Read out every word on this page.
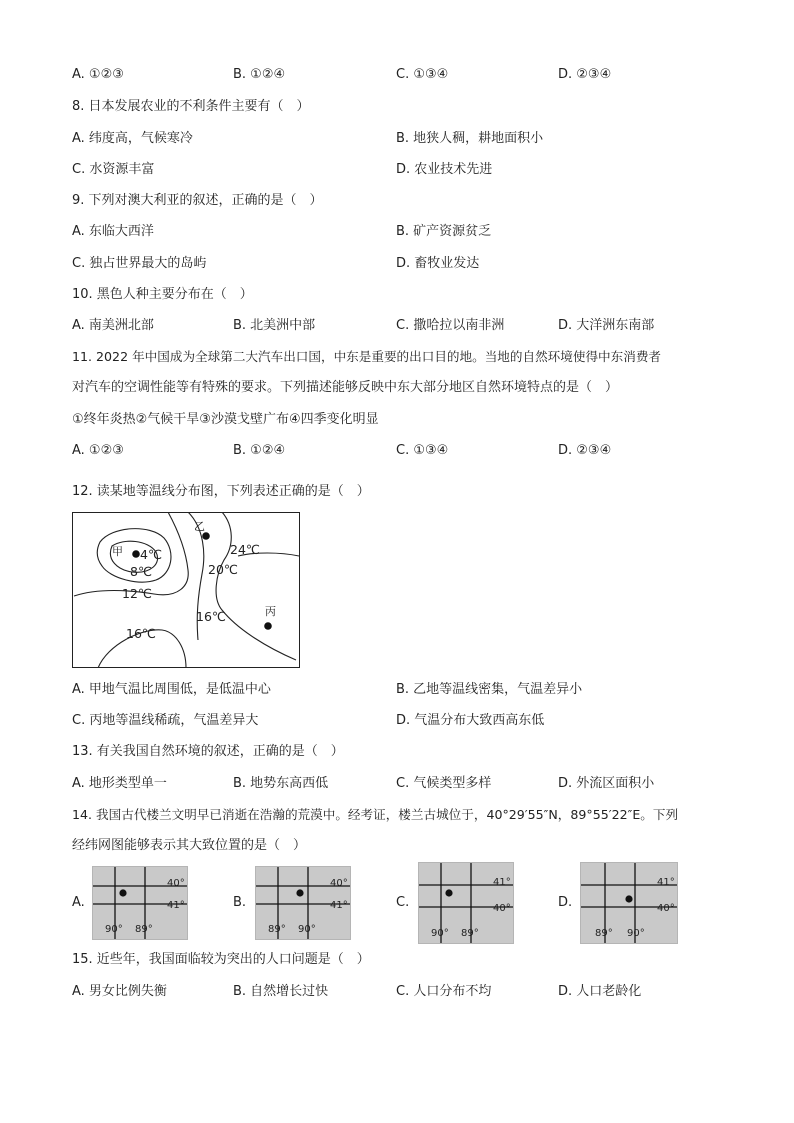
A. ①②③	B. ①②④	C. ①③④	D. ②③④
8. 日本发展农业的不利条件主要有（　）
A. 纬度高，气候寒冷	B. 地狭人稠，耕地面积小
C. 水资源丰富	D. 农业技术先进
9. 下列对澳大利亚的叙述，正确的是（　）
A. 东临大西洋	B. 矿产资源贫乏
C. 独占世界最大的岛屿	D. 畜牧业发达
10. 黑色人种主要分布在（　）
A. 南美洲北部	B. 北美洲中部	C. 撒哈拉以南非洲	D. 大洋洲东南部
11. 2022 年中国成为全球第二大汽车出口国，中东是重要的出口目的地。当地的自然环境使得中东消费者
对汽车的空调性能等有特殊的要求。下列描述能够反映中东大部分地区自然环境特点的是（　）
①终年炎热②气候干旱③沙漠戈壁广布④四季变化明显
A. ①②③	B. ①②④	C. ①③④	D. ②③④
12. 读某地等温线分布图，下列表述正确的是（　）
甲
乙
丙
4℃
8℃
12℃
16℃
16℃
20℃
24℃
A. 甲地气温比周围低，是低温中心	B. 乙地等温线密集，气温差异小
C. 丙地等温线稀疏，气温差异大	D. 气温分布大致西高东低
13. 有关我国自然环境的叙述，正确的是（　）
A. 地形类型单一	B. 地势东高西低	C. 气候类型多样	D. 外流区面积小
14. 我国古代楼兰文明早已消逝在浩瀚的荒漠中。经考证，楼兰古城位于，40°29′55″N，89°55′22″E。下列
经纬网图能够表示其大致位置的是（　）
A.
40°
41°
90° 89°
B.
40°
41°
89° 90°
C.
41°
40°
90° 89°
D.
41°
40°
89° 90°
15. 近些年，我国面临较为突出的人口问题是（　）
A. 男女比例失衡	B. 自然增长过快	C. 人口分布不均	D. 人口老龄化
